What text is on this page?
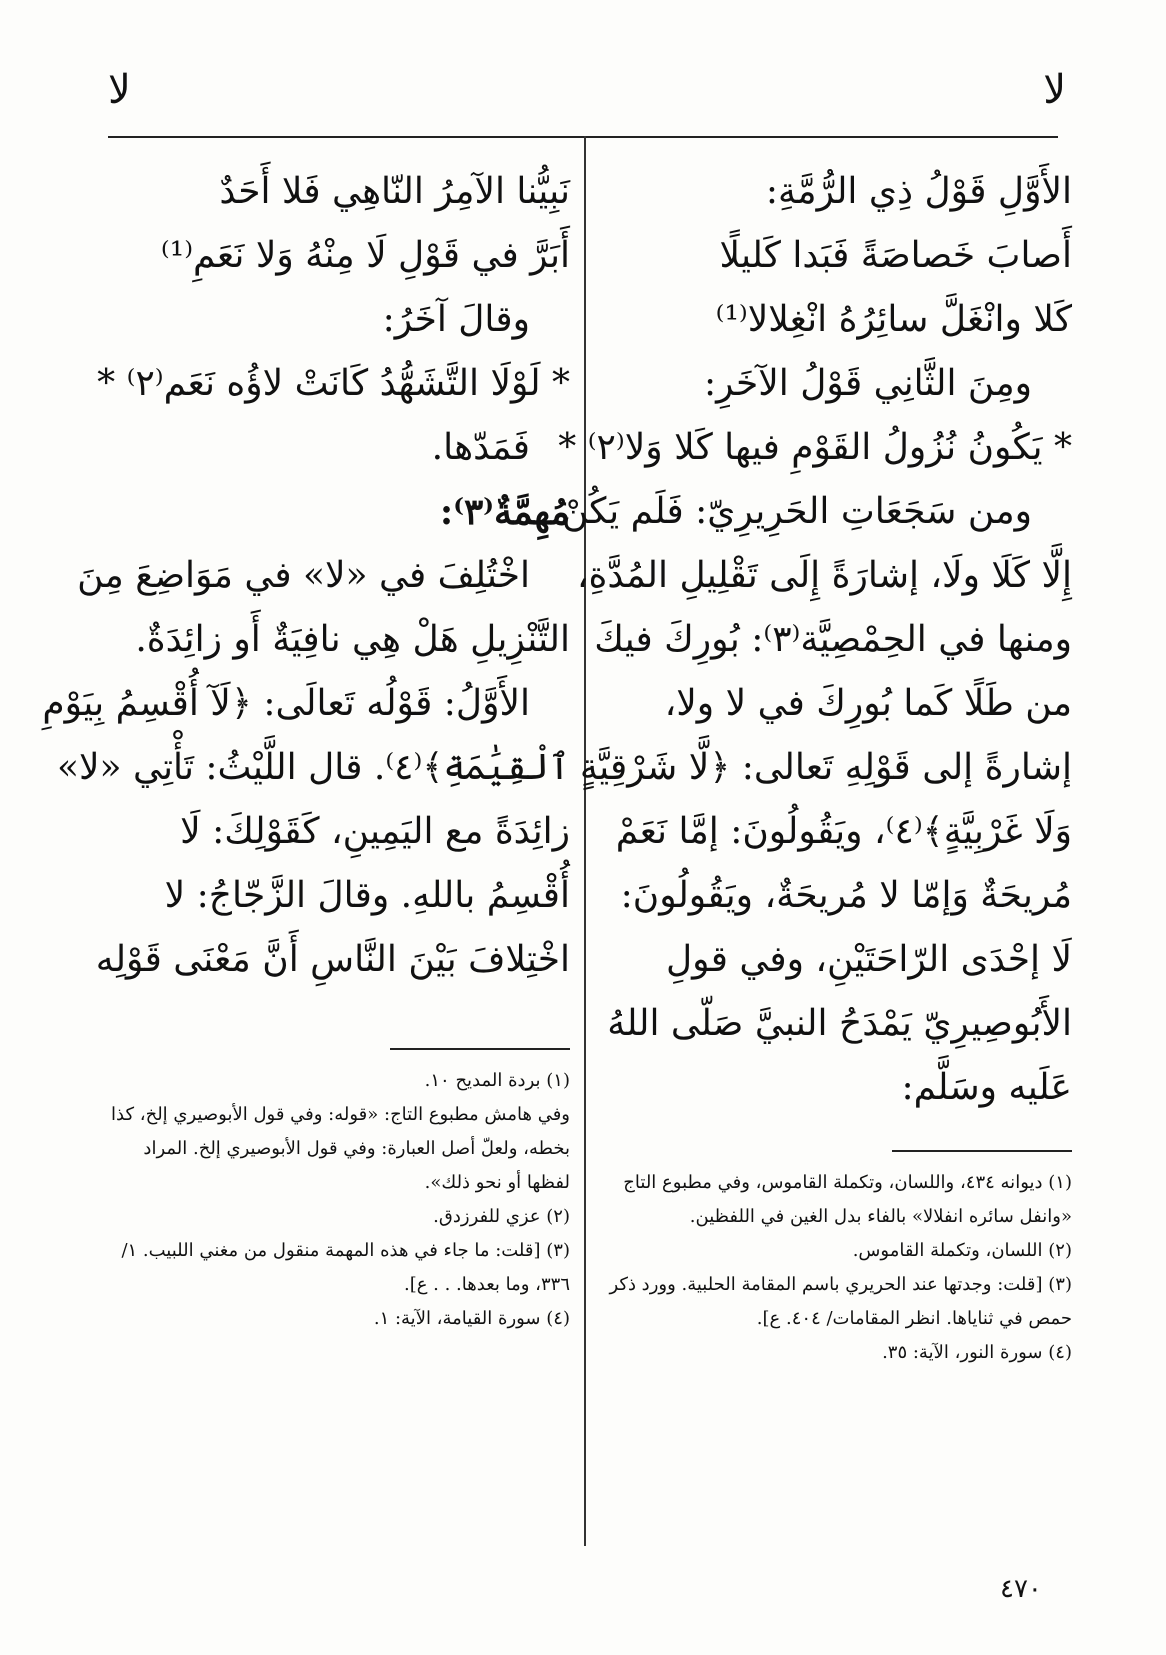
لا	لا
الأَوَّلِ قَوْلُ ذِي الرُّمَّةِ:
أَصابَ خَصاصَةً فَبَدا كَليلًا
كَلا وانْغَلَّ سائِرُهُ انْغِلالا⁽¹⁾
ومِنَ الثَّانِي قَوْلُ الآخَرِ:
* يَكُونُ نُزُولُ القَوْمِ فيها كَلا وَلا⁽٢⁾ *
ومن سَجَعَاتِ الحَرِيرِيّ: فَلَم يَكُنْ
إِلَّا كَلَا ولَا، إشارَةً إِلَى تَقْلِيلِ المُدَّةِ،
ومنها في الحِمْصِيَّة⁽٣⁾: بُورِكَ فيكَ
من طَلًا كَما بُورِكَ في لا ولا،
إشارةً إلى قَوْلِهِ تَعالى: ﴿لَّا شَرْقِيَّةٍ
وَلَا غَرْبِيَّةٍ﴾⁽٤⁾، ويَقُولُونَ: إمَّا نَعَمْ
مُريحَةٌ وَإمّا لا مُريحَةٌ، ويَقُولُونَ:
لَا إحْدَى الرّاحَتَيْنِ، وفي قولِ
الأَبُوصِيرِيّ يَمْدَحُ النبيَّ صَلّى اللهُ
عَلَيه وسَلَّم:
(١) ديوانه ٤٣٤، واللسان، وتكملة القاموس، وفي مطبوع التاج «وانفل سائره انفلالا» بالفاء بدل الغين في اللفظين.
(٢) اللسان، وتكملة القاموس.
(٣) [قلت: وجدتها عند الحريري باسم المقامة الحلبية. وورد ذكر حمص في ثناياها. انظر المقامات/ ٤٠٤. ع].
(٤) سورة النور، الآية: ٣٥.
نَبِيُّنا الآمِرُ النّاهِي فَلا أَحَدٌ
أَبَرَّ في قَوْلِ لَا مِنْهُ وَلا نَعَمِ⁽¹⁾
وقالَ آخَرُ:
* لَوْلَا التَّشَهُّدُ كَانَتْ لاؤُه نَعَم⁽٢⁾ *
فَمَدّها.
مُهِمَّةٌ⁽٣⁾:
اخْتُلِفَ في «لا» في مَوَاضِعَ مِنَ
التَّنْزِيلِ هَلْ هِي نافِيَةٌ أَو زائِدَةٌ.
الأَوَّلُ: قَوْلُه تَعالَى: ﴿لَآ أُقْسِمُ بِيَوْمِ
ٱلْقِيَٰمَةِ﴾⁽٤⁾. قال اللَّيْثُ: تَأْتِي «لا»
زائِدَةً مع اليَمِينِ، كَقَوْلِكَ: لَا
أُقْسِمُ باللهِ. وقالَ الزَّجّاجُ: لا
اخْتِلافَ بَيْنَ النَّاسِ أَنَّ مَعْنَى قَوْلِه
(١) بردة المديح ١٠.
وفي هامش مطبوع التاج: «قوله: وفي قول الأبوصيري إلخ، كذا بخطه، ولعلّ أصل العبارة: وفي قول الأبوصيري إلخ. المراد لفظها أو نحو ذلك».
(٢) عزي للفرزدق.
(٣) [قلت: ما جاء في هذه المهمة منقول من مغني اللبيب. ١/ ٣٣٦، وما بعدها. . . ع].
(٤) سورة القيامة، الآية: ١.
٤٧٠
